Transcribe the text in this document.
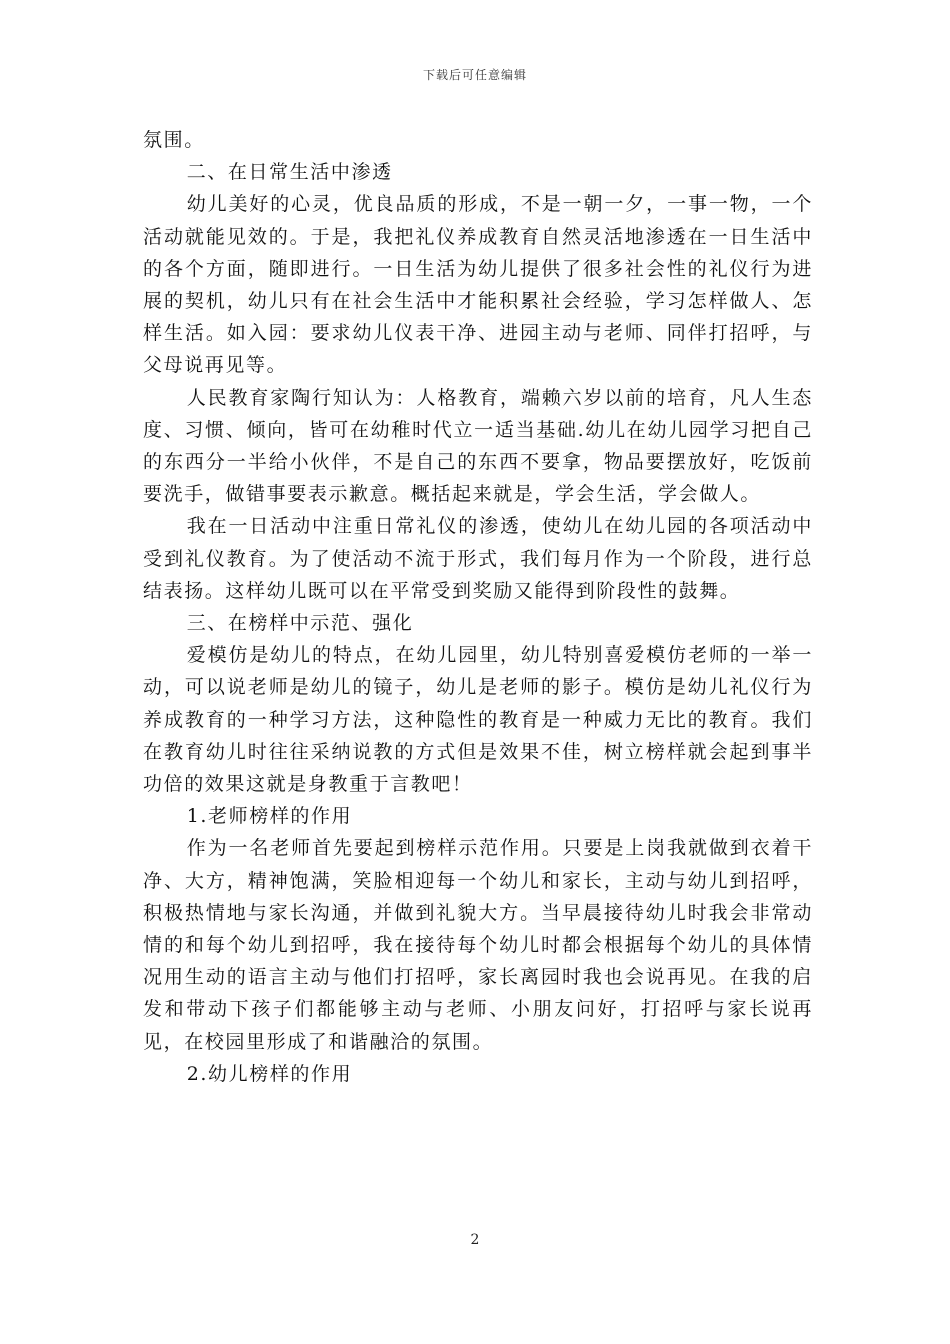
下载后可任意编辑

氛围。

二、在日常生活中渗透

幼儿美好的心灵，优良品质的形成，不是一朝一夕，一事一物，一个活动就能见效的。于是，我把礼仪养成教育自然灵活地渗透在一日生活中的各个方面，随即进行。一日生活为幼儿提供了很多社会性的礼仪行为进展的契机，幼儿只有在社会生活中才能积累社会经验，学习怎样做人、怎样生活。如入园：要求幼儿仪表干净、进园主动与老师、同伴打招呼，与父母说再见等。

人民教育家陶行知认为：人格教育，端赖六岁以前的培育，凡人生态度、习惯、倾向，皆可在幼稚时代立一适当基础.幼儿在幼儿园学习把自己的东西分一半给小伙伴，不是自己的东西不要拿，物品要摆放好，吃饭前要洗手，做错事要表示歉意。概括起来就是，学会生活，学会做人。

我在一日活动中注重日常礼仪的渗透，使幼儿在幼儿园的各项活动中受到礼仪教育。为了使活动不流于形式，我们每月作为一个阶段，进行总结表扬。这样幼儿既可以在平常受到奖励又能得到阶段性的鼓舞。

三、在榜样中示范、强化

爱模仿是幼儿的特点，在幼儿园里，幼儿特别喜爱模仿老师的一举一动，可以说老师是幼儿的镜子，幼儿是老师的影子。模仿是幼儿礼仪行为养成教育的一种学习方法，这种隐性的教育是一种威力无比的教育。我们在教育幼儿时往往采纳说教的方式但是效果不佳，树立榜样就会起到事半功倍的效果这就是身教重于言教吧！

1.老师榜样的作用

作为一名老师首先要起到榜样示范作用。只要是上岗我就做到衣着干净、大方，精神饱满，笑脸相迎每一个幼儿和家长，主动与幼儿到招呼，积极热情地与家长沟通，并做到礼貌大方。当早晨接待幼儿时我会非常动情的和每个幼儿到招呼，我在接待每个幼儿时都会根据每个幼儿的具体情况用生动的语言主动与他们打招呼，家长离园时我也会说再见。在我的启发和带动下孩子们都能够主动与老师、小朋友问好，打招呼与家长说再见，在校园里形成了和谐融洽的氛围。

2.幼儿榜样的作用

2
